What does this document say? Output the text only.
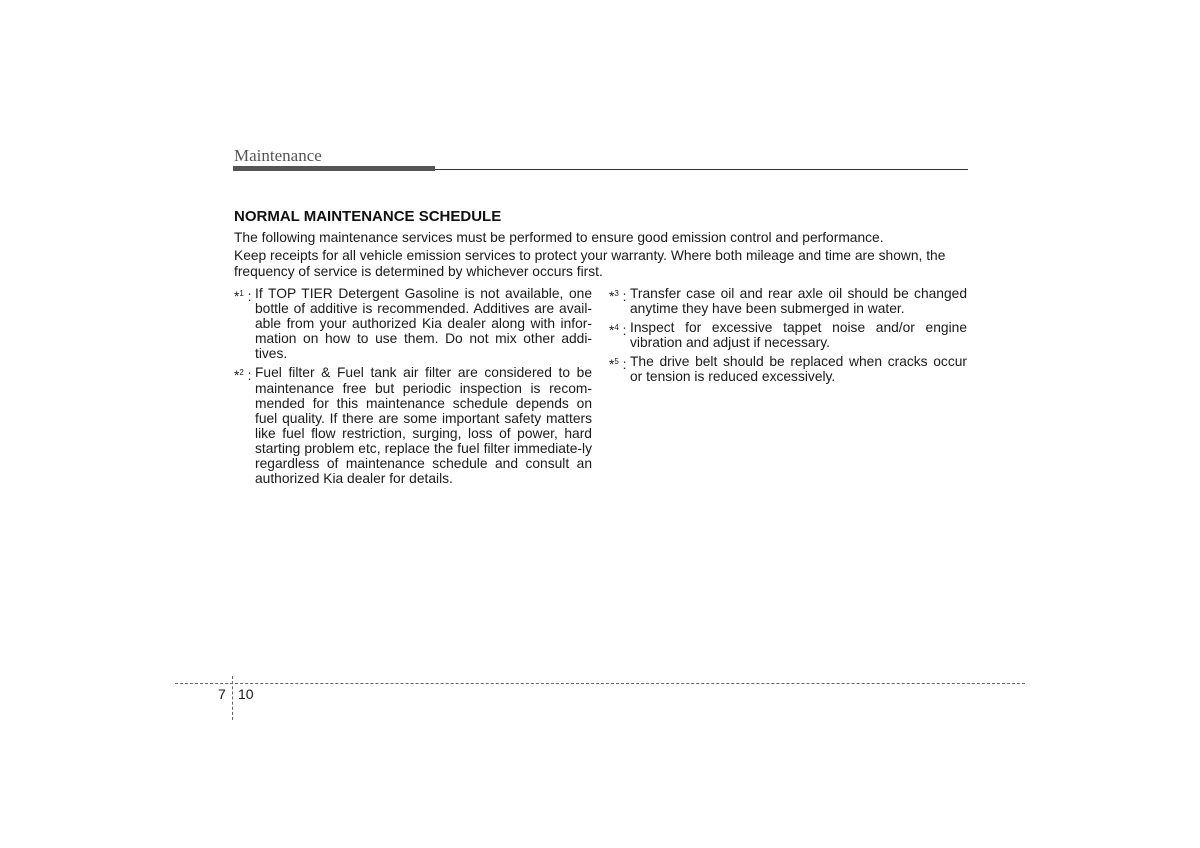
Maintenance
NORMAL MAINTENANCE SCHEDULE

The following maintenance services must be performed to ensure good emission control and performance.

Keep receipts for all vehicle emission services to protect your warranty. Where both mileage and time are shown, the frequency of service is determined by whichever occurs first.

*$^1$ : If TOP TIER Detergent Gasoline is not available, one bottle of additive is recommended. Additives are avail-able from your authorized Kia dealer along with infor-mation on how to use them. Do not mix other addi-tives.
*$^2$ : Fuel filter & Fuel tank air filter are considered to be maintenance free but periodic inspection is recom-mended for this maintenance schedule depends on fuel quality. If there are some important safety matters like fuel flow restriction, surging, loss of power, hard starting problem etc, replace the fuel filter immediate-ly regardless of maintenance schedule and consult an authorized Kia dealer for details.
*$^3$ : Transfer case oil and rear axle oil should be changed anytime they have been submerged in water.
*$^4$ : Inspect for excessive tappet noise and/or engine vibration and adjust if necessary.
*$^5$ : The drive belt should be replaced when cracks occur or tension is reduced excessively.
7 10
